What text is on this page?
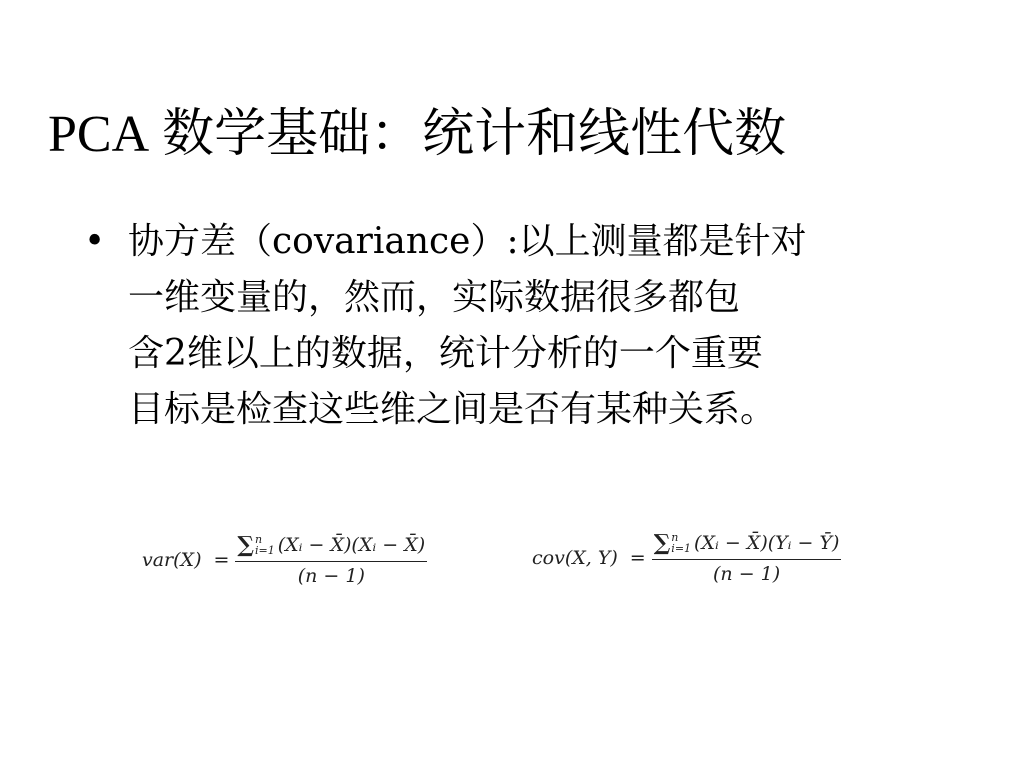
PCA 数学基础：统计和线性代数
• 协方差（covariance）:以上测量都是针对
一维变量的，然而，实际数据很多都包
含2维以上的数据，统计分析的一个重要
目标是检查这些维之间是否有某种关系。
var(X) =
∑ n
i=1 (Xᵢ − X̄)(Xᵢ − X̄)
(n − 1)
cov(X, Y) =
∑ n
i=1 (Xᵢ − X̄)(Yᵢ − Ȳ)
(n − 1)
